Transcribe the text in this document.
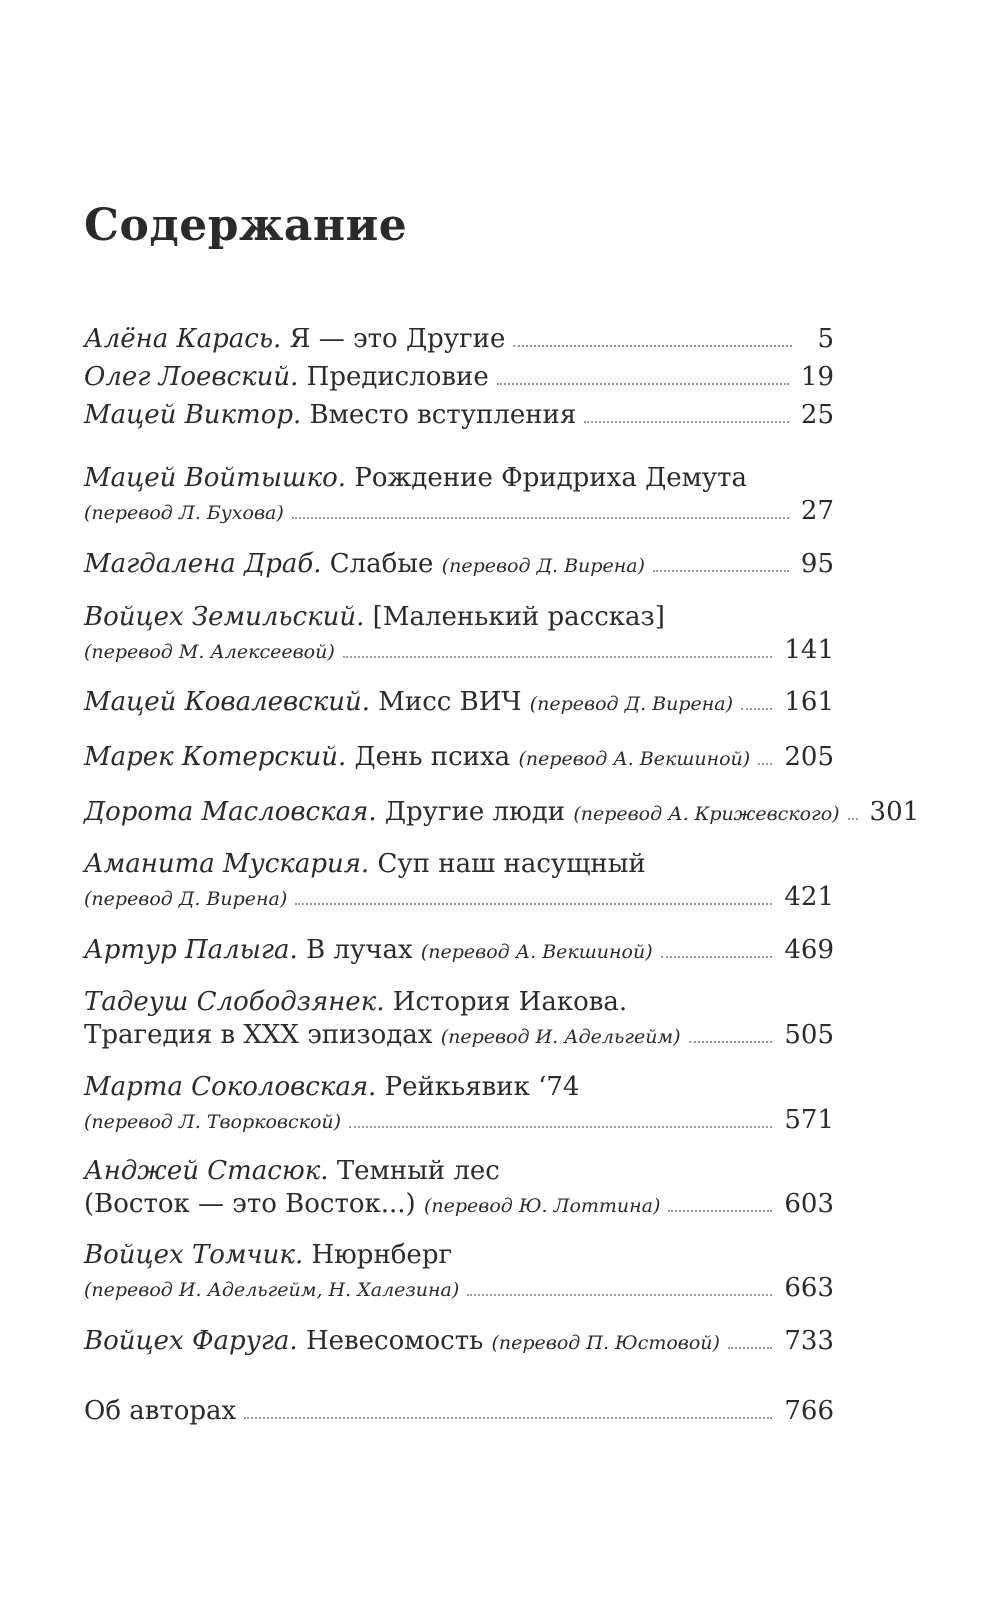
Содержание
Алёна Карась. Я — это Другие	5
Олег Лоевский. Предисловие	19
Мацей Виктор. Вместо вступления	25
Мацей Войтышко. Рождение Фридриха Демута
(перевод Л. Бухова)	27
Магдалена Драб. Слабые (перевод Д. Вирена)	95
Войцех Земильский. [Маленький рассказ]
(перевод М. Алексеевой)	141
Мацей Ковалевский. Мисс ВИЧ (перевод Д. Вирена) 161
Марек Котерский. День психа (перевод А. Векшиной) 205
Дорота Масловская. Другие люди (перевод А. Крижевского) 301
Аманита Мускария. Суп наш насущный
(перевод Д. Вирена)	421
Артур Палыга. В лучах (перевод А. Векшиной)	469
Тадеуш Слободзянек. История Иакова.
Трагедия в XXX эпизодах (перевод И. Адельгейм)	505
Марта Соколовская. Рейкьявик ‘74
(перевод Л. Творковской)	571
Анджей Стасюк. Темный лес
(Восток — это Восток...) (перевод Ю. Лоттина)	603
Войцех Томчик. Нюрнберг
(перевод И. Адельгейм, Н. Халезина)	663
Войцех Фаруга. Невесомость (перевод П. Юстовой) 733
Об авторах	766
